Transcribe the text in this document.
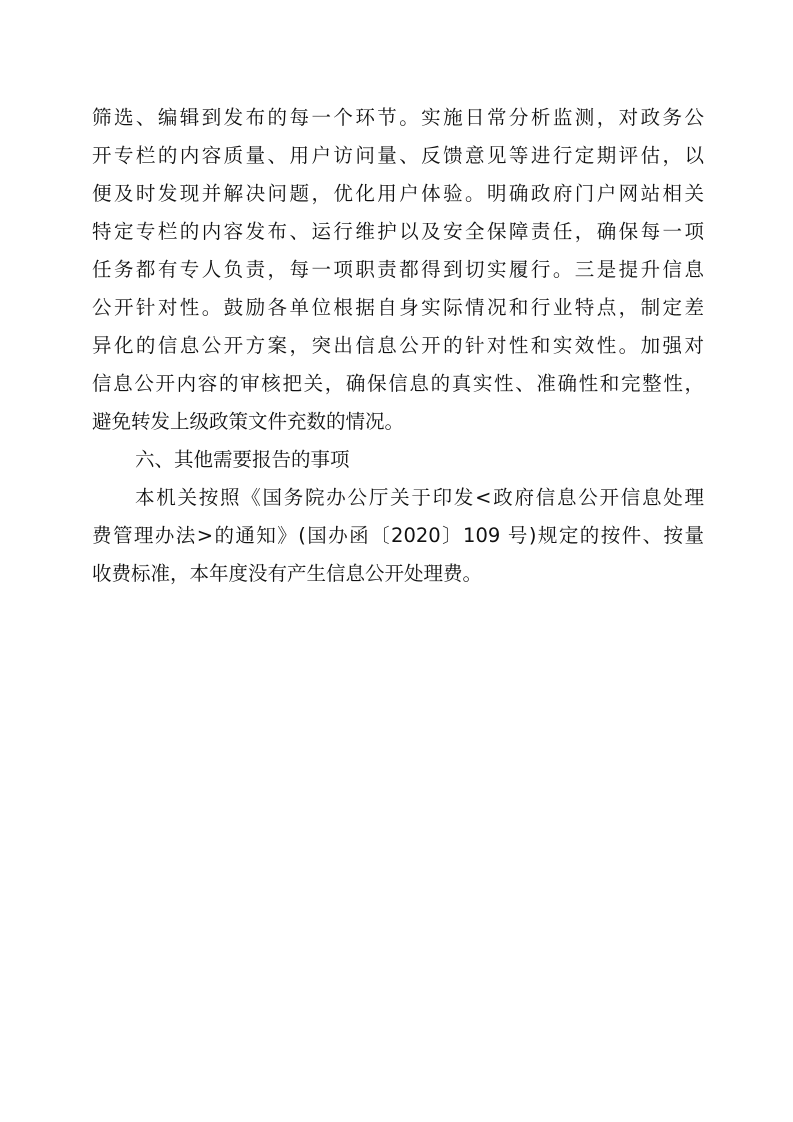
筛选、编辑到发布的每一个环节。实施日常分析监测，对政务公
开专栏的内容质量、用户访问量、反馈意见等进行定期评估，以
便及时发现并解决问题，优化用户体验。明确政府门户网站相关
特定专栏的内容发布、运行维护以及安全保障责任，确保每一项
任务都有专人负责，每一项职责都得到切实履行。三是提升信息
公开针对性。鼓励各单位根据自身实际情况和行业特点，制定差
异化的信息公开方案，突出信息公开的针对性和实效性。加强对
信息公开内容的审核把关，确保信息的真实性、准确性和完整性，
避免转发上级政策文件充数的情况。
六、其他需要报告的事项
本机关按照《国务院办公厅关于印发<政府信息公开信息处理
费管理办法>的通知》(国办函〔2020〕109 号)规定的按件、按量
收费标准，本年度没有产生信息公开处理费。
